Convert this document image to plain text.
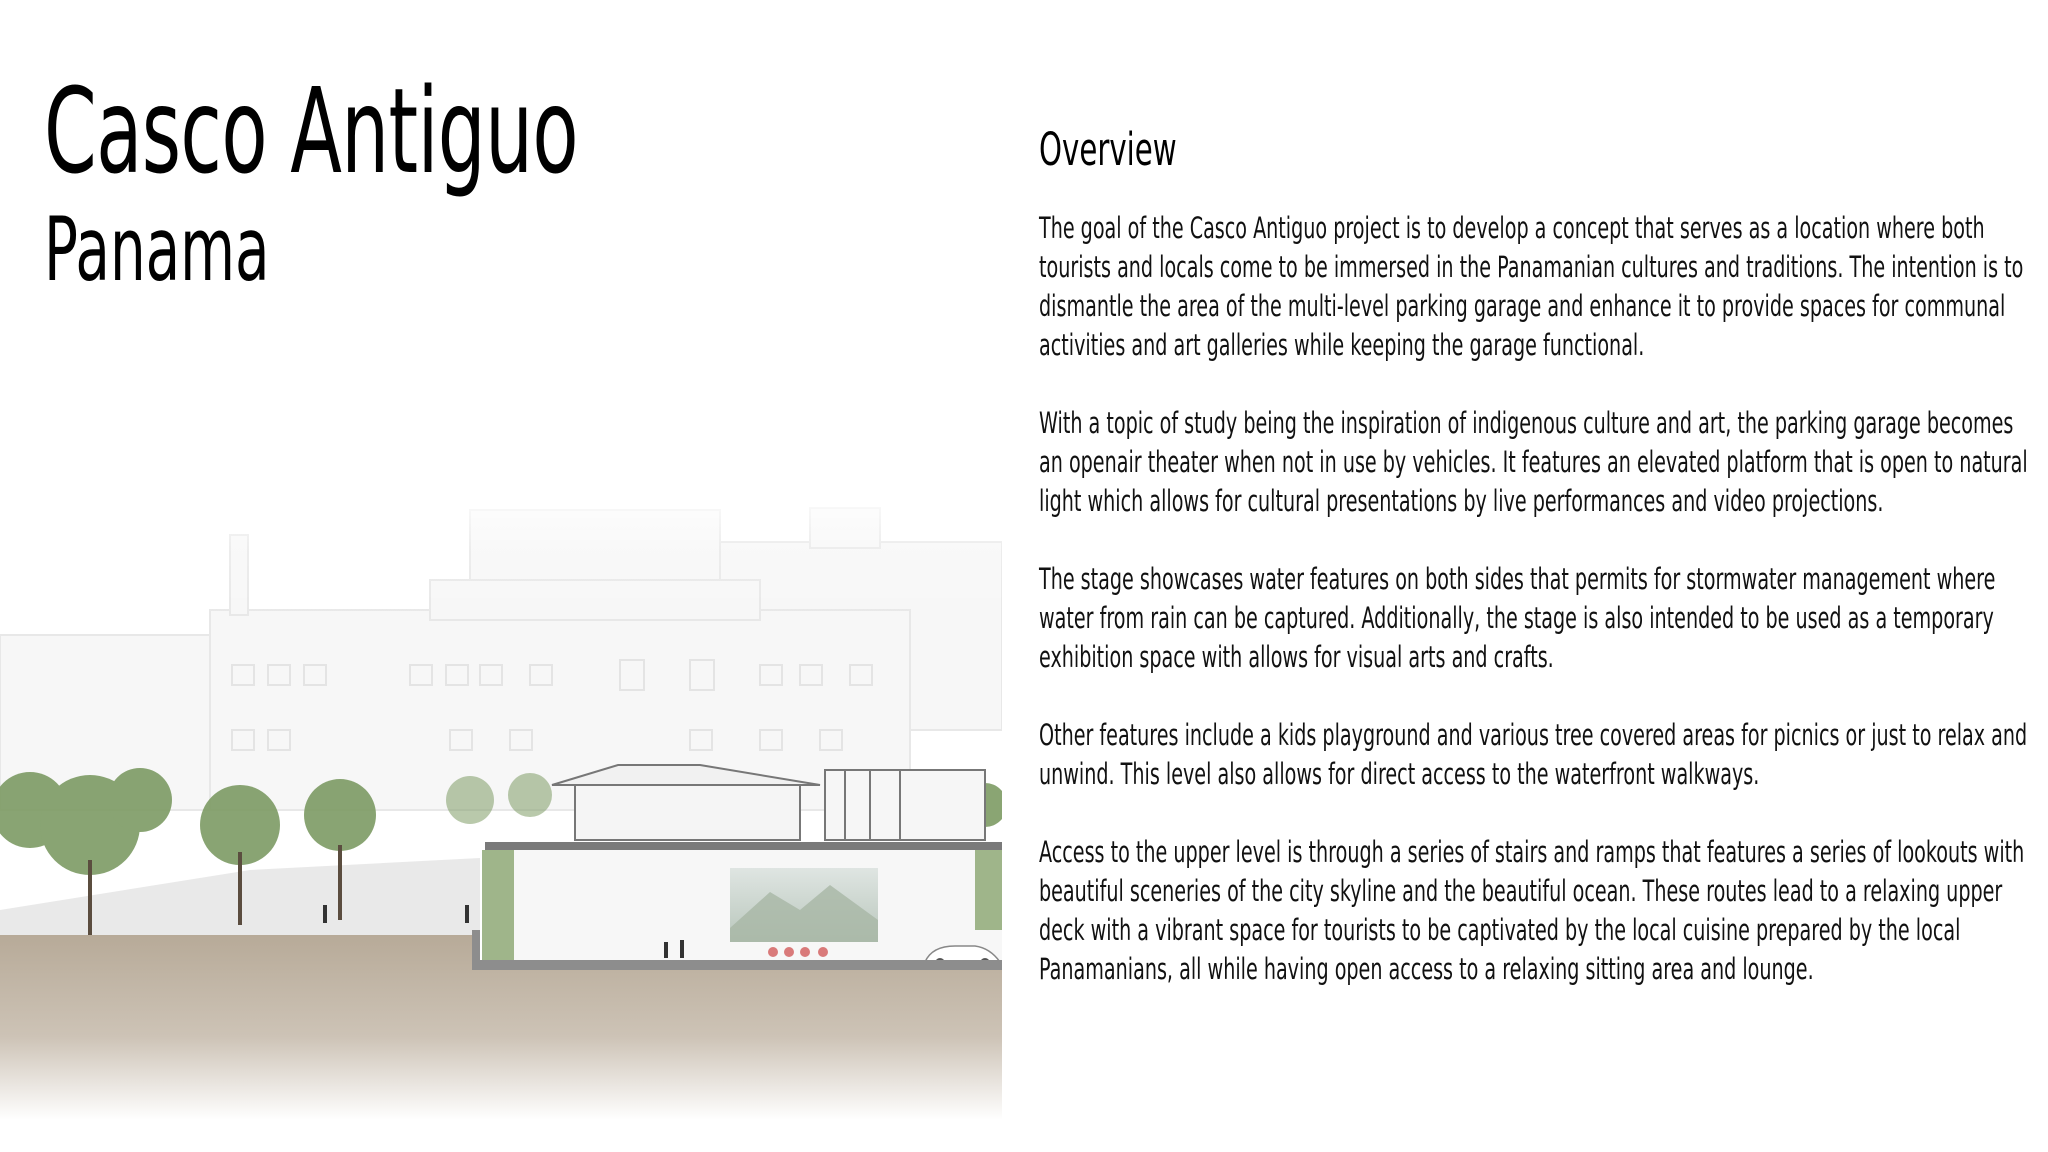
Casco Antiguo
Panama
Overview

The goal of the Casco Antiguo project is to develop a concept that serves as a location where both tourists and locals come to be immersed in the Panamanian cultures and traditions. The intention is to dismantle the area of the multi-level parking garage and enhance it to provide spaces for communal activities and art galleries while keeping the garage functional.

With a topic of study being the inspiration of indigenous culture and art, the parking garage becomes an openair theater when not in use by vehicles. It features an elevated platform that is open to natural light which allows for cultural presentations by live performances and video projections.

The stage showcases water features on both sides that permits for stormwater management where water from rain can be captured. Additionally, the stage is also intended to be used as a temporary exhibition space with allows for visual arts and crafts.

Other features include a kids playground and various tree covered areas for picnics or just to relax and unwind. This level also allows for direct access to the waterfront walkways.

Access to the upper level is through a series of stairs and ramps that features a series of lookouts with beautiful sceneries of the city skyline and the beautiful ocean. These routes lead to a relaxing upper deck with a vibrant space for tourists to be captivated by the local cuisine prepared by the local Panamanians, all while having open access to a relaxing sitting area and lounge.
